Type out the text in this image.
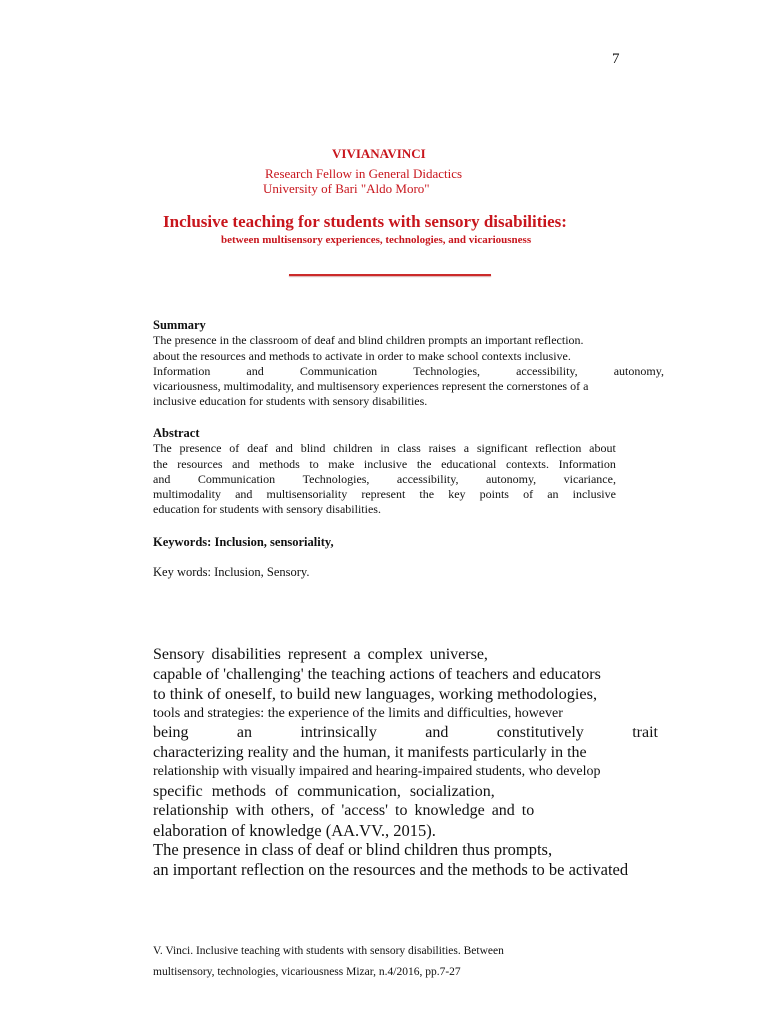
7
VIVIANAVINCI
Research Fellow in General Didactics
University of Bari "Aldo Moro"
Inclusive teaching for students with sensory disabilities:
between multisensory experiences, technologies, and vicariousness
Summary
The presence in the classroom of deaf and blind children prompts an important reflection.
about the resources and methods to activate in order to make school contexts inclusive.
Information	and	Communication	Technologies,	accessibility,	autonomy,
vicariousness, multimodality, and multisensory experiences represent the cornerstones of a
inclusive education for students with sensory disabilities.
Abstract
The presence of deaf and blind children in class raises a significant reflection about
the resources and methods to make inclusive the educational contexts. Information
and Communication Technologies, accessibility, autonomy, vicariance,
multimodality and multisensoriality represent the key points of an inclusive
education for students with sensory disabilities.
Keywords: Inclusion, sensoriality,
Key words: Inclusion, Sensory.
Sensory disabilities represent a complex universe,
capable of 'challenging' the teaching actions of teachers and educators
to think of oneself, to build new languages, working methodologies,
tools and strategies: the experience of the limits and difficulties, however
being	an	intrinsically	and	constitutively	trait
characterizing reality and the human, it manifests particularly in the
relationship with visually impaired and hearing-impaired students, who develop
specific methods of communication, socialization,
relationship with others, of 'access' to knowledge and to
elaboration of knowledge (AA.VV., 2015).
The presence in class of deaf or blind children thus prompts,
an important reflection on the resources and the methods to be activated
V. Vinci. Inclusive teaching with students with sensory disabilities. Between
multisensory, technologies, vicariousness Mizar, n.4/2016, pp.7-27
